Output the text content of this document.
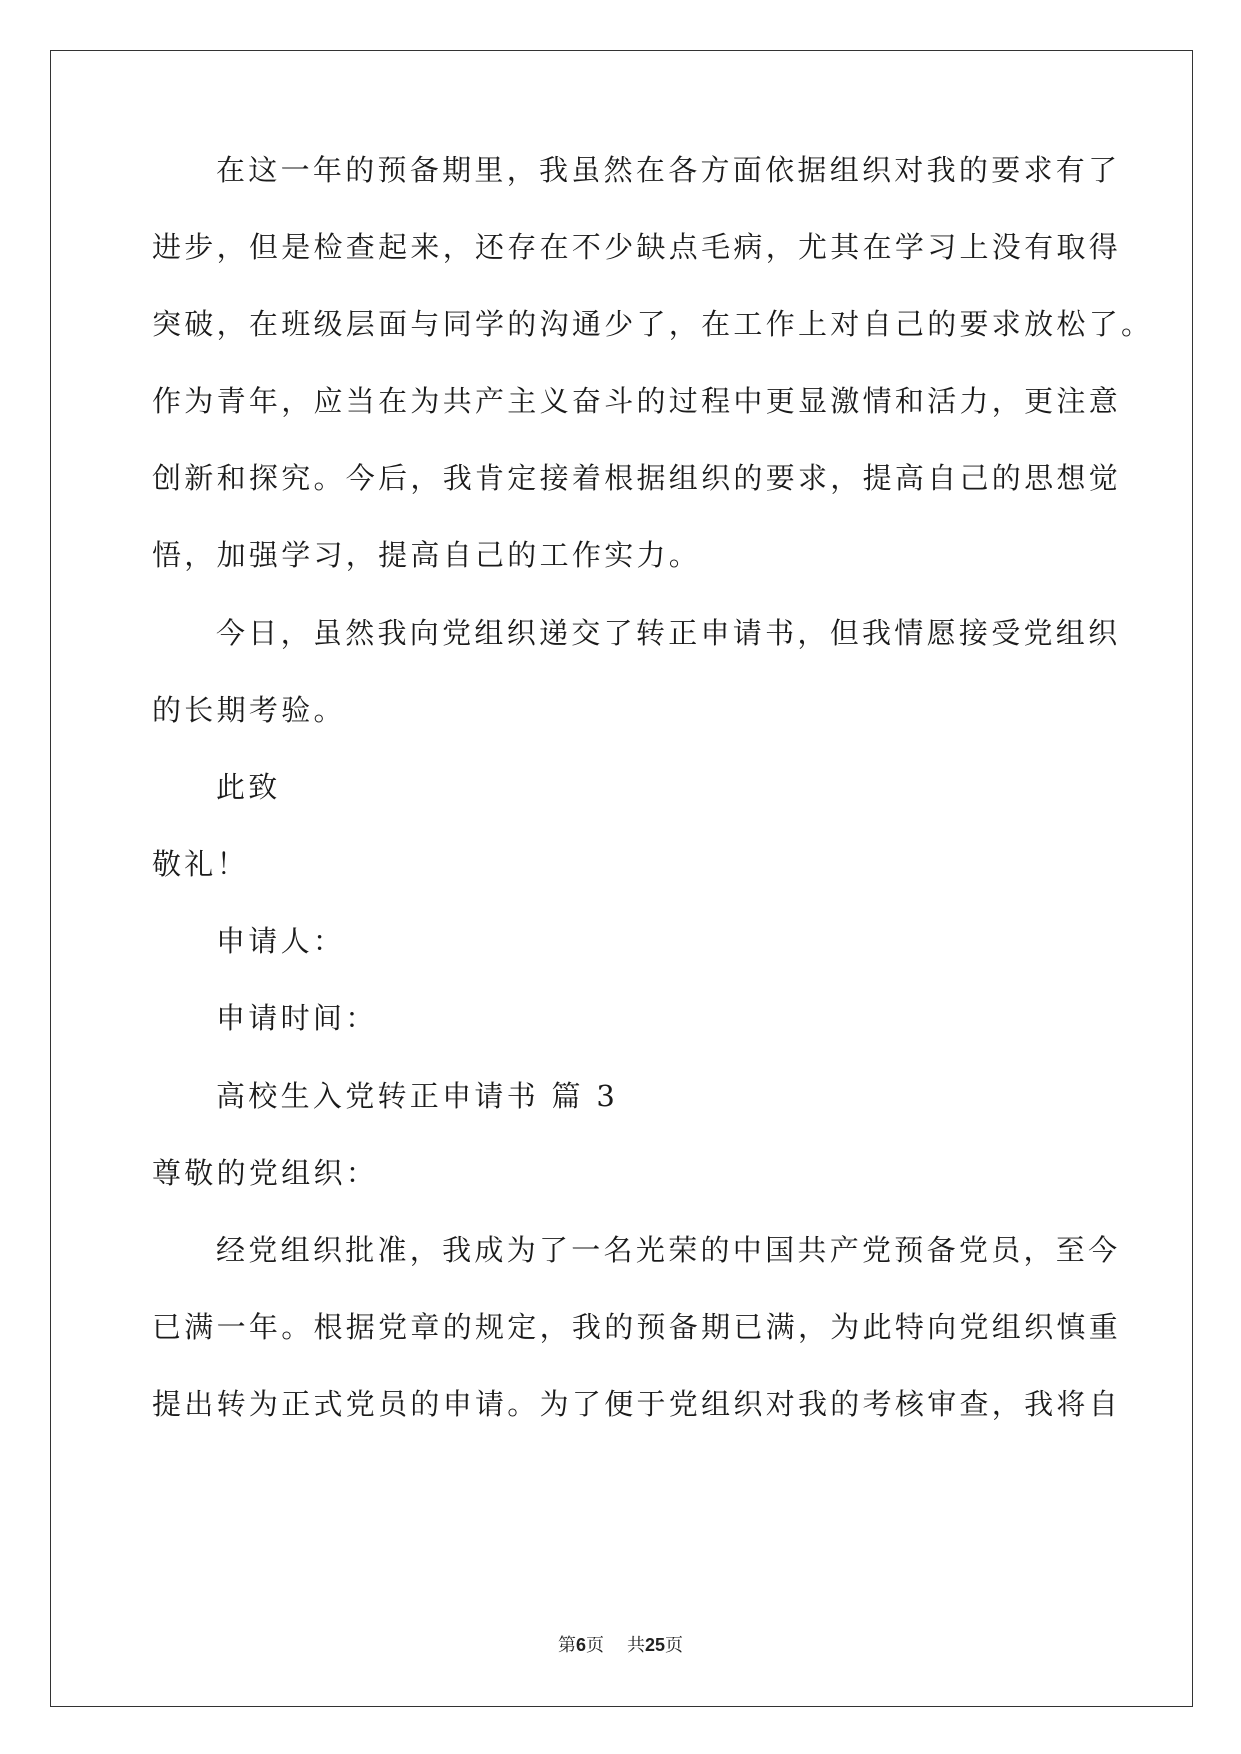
在这一年的预备期里，我虽然在各方面依据组织对我的要求有了
进步，但是检查起来，还存在不少缺点毛病，尤其在学习上没有取得
突破，在班级层面与同学的沟通少了，在工作上对自己的要求放松了。
作为青年，应当在为共产主义奋斗的过程中更显激情和活力，更注意
创新和探究。今后，我肯定接着根据组织的要求，提高自己的思想觉
悟，加强学习，提高自己的工作实力。
今日，虽然我向党组织递交了转正申请书，但我情愿接受党组织
的长期考验。
此致
敬礼！
申请人：
申请时间：
高校生入党转正申请书 篇 3
尊敬的党组织：
经党组织批准，我成为了一名光荣的中国共产党预备党员，至今
已满一年。根据党章的规定，我的预备期已满，为此特向党组织慎重
提出转为正式党员的申请。为了便于党组织对我的考核审查，我将自
第6页 共25页
